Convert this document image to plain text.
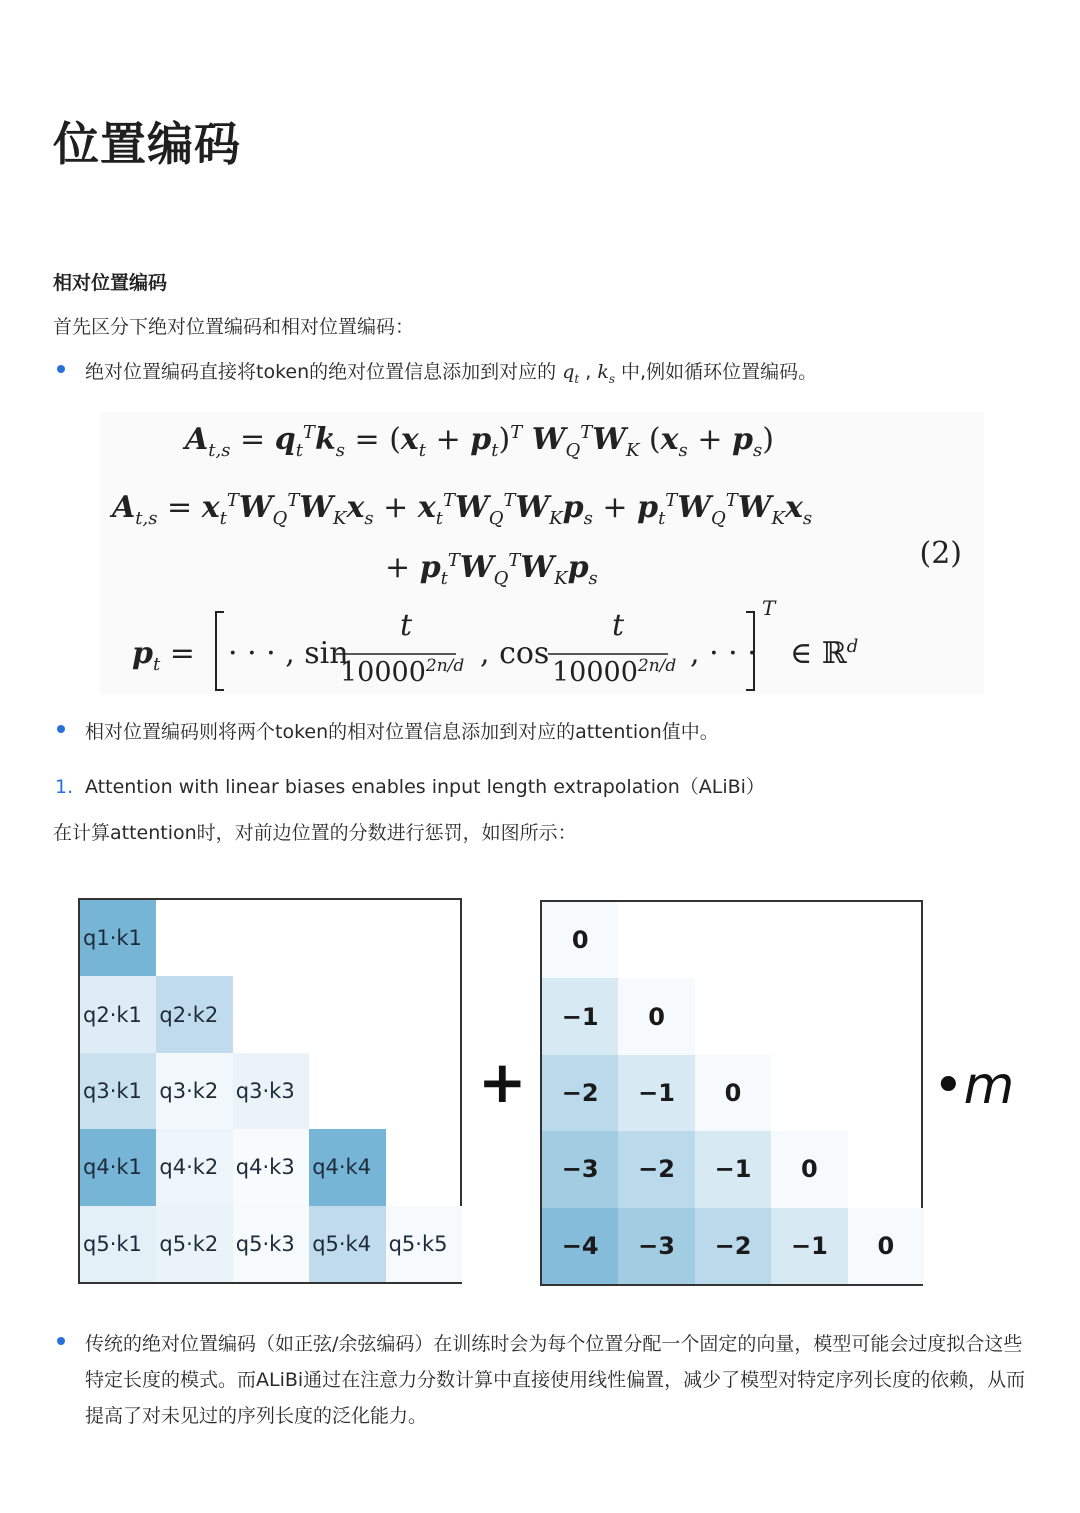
位置编码
相对位置编码
首先区分下绝对位置编码和相对位置编码：
绝对位置编码直接将token的绝对位置信息添加到对应的 $q_t$ , $k_s$ 中,例如循环位置编码。
$A_{t,s} = q_t^Tk_s = (x_t + p_t)^T$ $W_Q^TW_K$ $(x_s + p_s)$
$A_{t,s} = x_t^TW_Q^TW_Kx_s + x_t^TW_Q^TW_Kp_s + p_t^TW_Q^TW_Kx_s$
+ $p_t^TW_Q^TW_Kp_s$
(2)
$p_t$ = · · · , sin
t
$10000^{2n/d}$ , cos
t
$10000^{2n/d}$ , · · ·
T
∈ ℝ$^d$
相对位置编码则将两个token的相对位置信息添加到对应的attention值中。
1. Attention with linear biases enables input length extrapolation（ALiBi）
在计算attention时，对前边位置的分数进行惩罚，如图所示：
q1·k1
q2·k1 q2·k2
q3·k1 q3·k2 q3·k3
q4·k1 q4·k2 q4·k3 q4·k4
q5·k1 q5·k2 q5·k3 q5·k4 q5·k5
+
0
−1	0
−2	−1	0
−3	−2	−1	0
−4	−3	−2	−1	0
•m
传统的绝对位置编码（如正弦/余弦编码）在训练时会为每个位置分配一个固定的向量，模型可能会过度拟合这些特定长度的模式。而ALiBi通过在注意力分数计算中直接使用线性偏置，减少了模型对特定序列长度的依赖，从而提高了对未见过的序列长度的泛化能力。
